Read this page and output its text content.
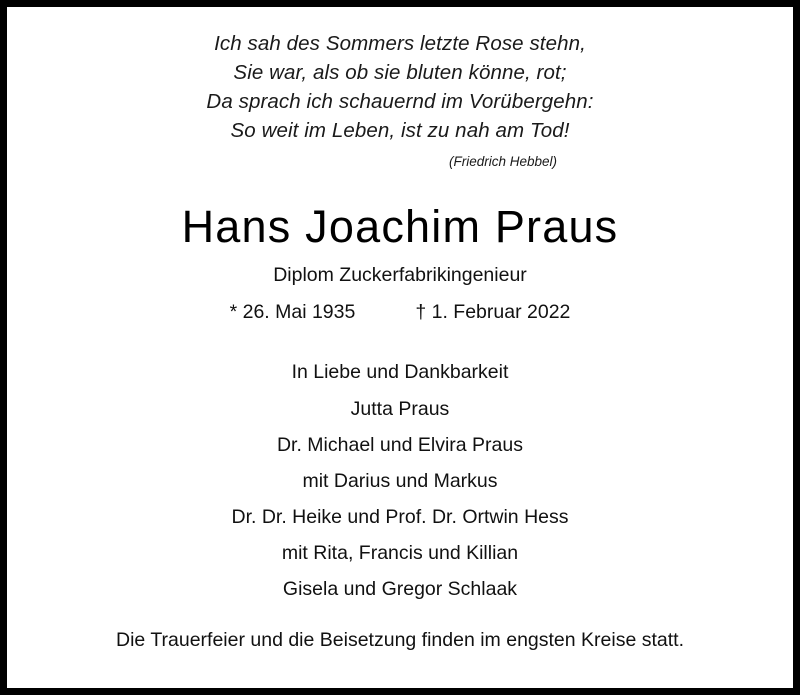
Ich sah des Sommers letzte Rose stehn,
Sie war, als ob sie bluten könne, rot;
Da sprach ich schauernd im Vorübergehn:
So weit im Leben, ist zu nah am Tod!
(Friedrich Hebbel)
Hans Joachim Praus
Diplom Zuckerfabrikingenieur
* 26. Mai 1935	† 1. Februar 2022
In Liebe und Dankbarkeit
Jutta Praus
Dr. Michael und Elvira Praus
mit Darius und Markus
Dr. Dr. Heike und Prof. Dr. Ortwin Hess
mit Rita, Francis und Killian
Gisela und Gregor Schlaak
Die Trauerfeier und die Beisetzung finden im engsten Kreise statt.
